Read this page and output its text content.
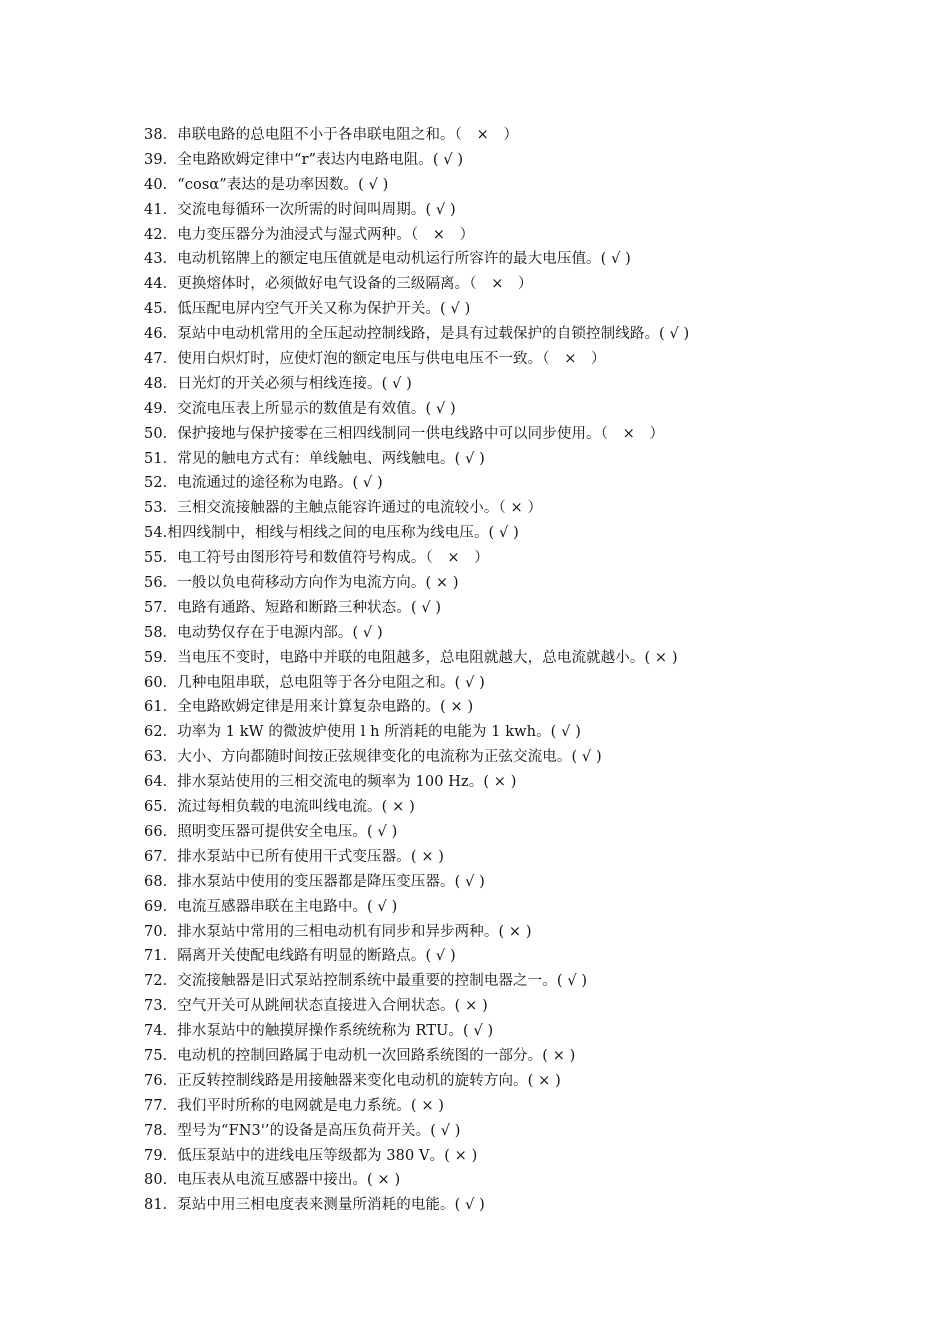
38．串联电路的总电阻不小于各串联电阻之和。（　×　）
39．全电路欧姆定律中“r”表达内电路电阻。( √ )
40．“cosα”表达的是功率因数。( √ )
41．交流电每循环一次所需的时间叫周期。( √ )
42．电力变压器分为油浸式与湿式两种。（　×　）
43．电动机铭牌上的额定电压值就是电动机运行所容许的最大电压值。( √ )
44．更换熔体时，必须做好电气设备的三级隔离。（　×　）
45．低压配电屏内空气开关又称为保护开关。( √ )
46．泵站中电动机常用的全压起动控制线路，是具有过载保护的自锁控制线路。( √ )
47．使用白炽灯时，应使灯泡的额定电压与供电电压不一致。（　×　）
48．日光灯的开关必须与相线连接。( √ )
49．交流电压表上所显示的数值是有效值。( √ )
50．保护接地与保护接零在三相四线制同一供电线路中可以同步使用。（　×　）
51．常见的触电方式有：单线触电、两线触电。( √ )
52．电流通过的途径称为电路。( √ )
53．三相交流接触器的主触点能容许通过的电流较小。（ × ）
54.相四线制中，相线与相线之间的电压称为线电压。( √ )
55．电工符号由图形符号和数值符号构成。（　×　）
56．一般以负电荷移动方向作为电流方向。( × )
57．电路有通路、短路和断路三种状态。( √ )
58．电动势仅存在于电源内部。( √ )
59．当电压不变时，电路中并联的电阻越多，总电阻就越大，总电流就越小。( × )
60．几种电阻串联，总电阻等于各分电阻之和。( √ )
61．全电路欧姆定律是用来计算复杂电路的。( × )
62．功率为 1 kW 的微波炉使用 l h 所消耗的电能为 1 kwh。( √ )
63．大小、方向都随时间按正弦规律变化的电流称为正弦交流电。( √ )
64．排水泵站使用的三相交流电的频率为 100 Hz。( × )
65．流过每相负载的电流叫线电流。( × )
66．照明变压器可提供安全电压。( √ )
67．排水泵站中已所有使用干式变压器。( × )
68．排水泵站中使用的变压器都是降压变压器。( √ )
69．电流互感器串联在主电路中。( √ )
70．排水泵站中常用的三相电动机有同步和异步两种。( × )
71．隔离开关使配电线路有明显的断路点。( √ )
72．交流接触器是旧式泵站控制系统中最重要的控制电器之一。( √ )
73．空气开关可从跳闸状态直接进入合闸状态。( × )
74．排水泵站中的触摸屏操作系统统称为 RTU。( √ )
75．电动机的控制回路属于电动机一次回路系统图的一部分。( × )
76．正反转控制线路是用接触器来变化电动机的旋转方向。( × )
77．我们平时所称的电网就是电力系统。( × )
78．型号为“FN3'’的设备是高压负荷开关。( √ )
79．低压泵站中的进线电压等级都为 380 V。( × )
80．电压表从电流互感器中接出。( × )
81．泵站中用三相电度表来测量所消耗的电能。( √ )
